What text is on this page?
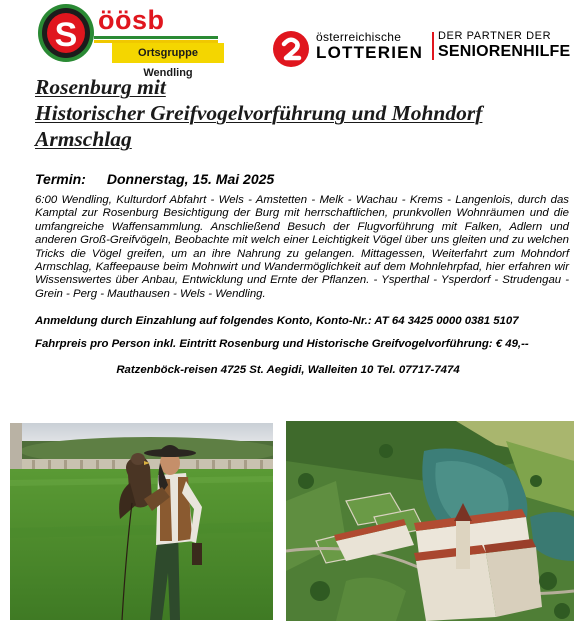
S öösb
Ortsgruppe Wendling
österreichische
LOTTERIEN
DER PARTNER DER
SENIORENHILFE
Rosenburg mit
Historischer Greifvogelvorführung und Mohndorf
Armschlag
Termin: Donnerstag, 15. Mai 2025

6:00 Wendling, Kulturdorf Abfahrt - Wels - Amstetten - Melk - Wachau - Krems - Langenlois, durch das Kamptal zur Rosenburg Besichtigung der Burg mit herrschaftlichen, prunkvollen Wohnräumen und die umfangreiche Waffensammlung. Anschließend Besuch der Flugvorführung mit Falken, Adlern und anderen Groß-Greifvögeln, Beobachte mit welch einer Leichtigkeit Vögel über uns gleiten und zu welchen Tricks die Vögel greifen, um an ihre Nahrung zu gelangen. Mittagessen, Weiterfahrt zum Mohndorf Armschlag, Kaffeepause beim Mohnwirt und Wandermöglichkeit auf dem Mohnlehrpfad, hier erfahren wir Wissenswertes über Anbau, Entwicklung und Ernte der Pflanzen. - Ysperthal - Ysperdorf - Strudengau - Grein - Perg - Mauthausen - Wels - Wendling.

Anmeldung durch Einzahlung auf folgendes Konto, Konto-Nr.: AT 64 3425 0000 0381 5107

Fahrpreis pro Person inkl. Eintritt Rosenburg und Historische Greifvogelvorführung: € 49,--

Ratzenböck-reisen 4725 St. Aegidi, Walleiten 10 Tel. 07717-7474
